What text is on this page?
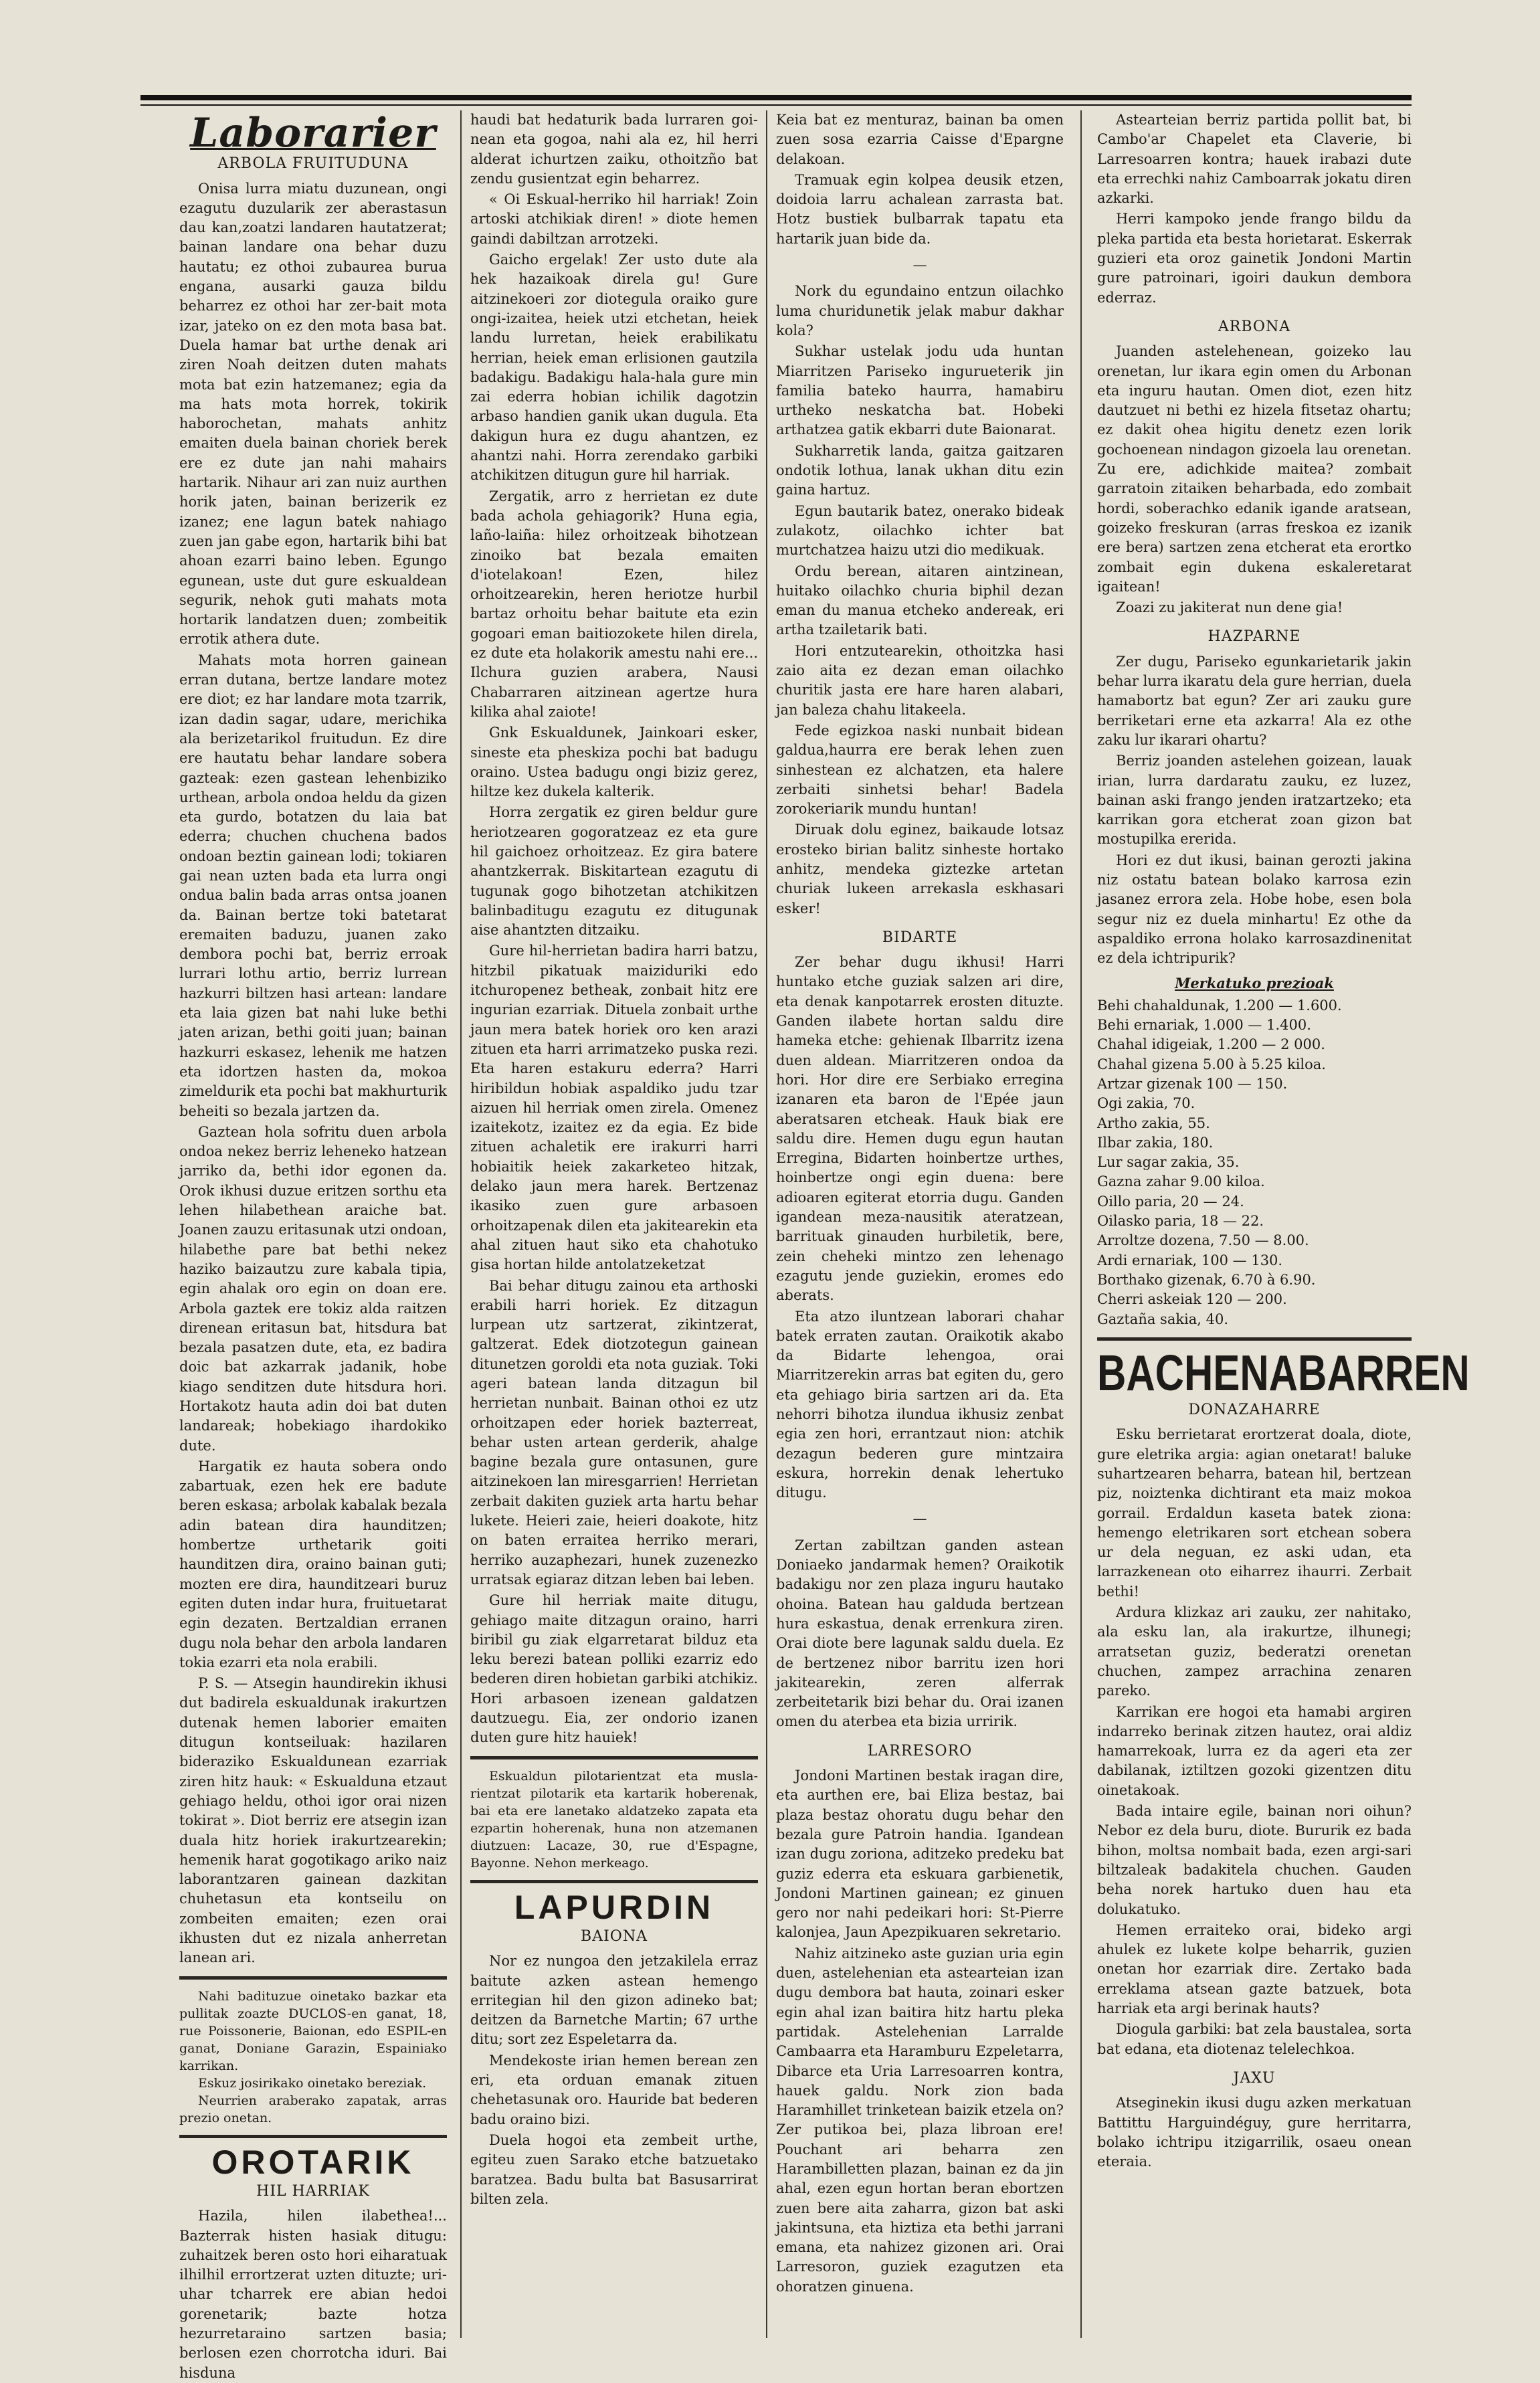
Laborarier

ARBOLA FRUITUDUNA

Onisa lurra miatu duzunean, ongi ezagutu duzularik zer aberastasun dau kan,zoatzi landaren hautatzerat; bainan landare ona behar duzu hautatu; ez othoi zubaurea burua engana, ausarki gauza bildu beharrez ez othoi har zer-bait mota izar, jateko on ez den mota basa bat. Duela hamar bat urthe denak ari ziren Noah deitzen duten mahats mota bat ezin hatzemanez; egia da ma hats mota horrek, tokirik haborochetan, mahats anhitz emaiten duela bainan choriek berek ere ez dute jan nahi mahairs hartarik. Nihaur ari zan nuiz aurthen horik jaten, bainan berizerik ez izanez; ene lagun batek nahiago zuen jan gabe egon, hartarik bihi bat ahoan ezarri baino leben. Egungo egunean, uste dut gure eskualdean segurik, nehok guti mahats mota hortarik landatzen duen; zombeitik errotik athera dute.

Mahats mota horren gainean erran dutana, bertze landare motez ere diot; ez har landare mota tzarrik, izan dadin sagar, udare, merichika ala berizetarikol fruitudun. Ez dire ere hautatu behar landare sobera gazteak: ezen gastean lehenbiziko urthean, arbola ondoa heldu da gizen eta gurdo, botatzen du laia bat ederra; chuchen chuchena bados ondoan beztin gainean lodi; tokiaren gai nean uzten bada eta lurra ongi ondua balin bada arras ontsa joanen da. Bainan bertze toki batetarat eremaiten baduzu, juanen zako dembora pochi bat, berriz erroak lurrari lothu artio, berriz lurrean hazkurri biltzen hasi artean: landare eta laia gizen bat nahi luke bethi jaten arizan, bethi goiti juan; bainan hazkurri eskasez, lehenik me hatzen eta idortzen hasten da, mokoa zimeldurik eta pochi bat makhurturik beheiti so bezala jartzen da.

Gaztean hola sofritu duen arbola ondoa nekez berriz leheneko hatzean jarriko da, bethi idor egonen da. Orok ikhusi duzue eritzen sorthu eta lehen hilabethean araiche bat. Joanen zauzu eritasunak utzi ondoan, hilabethe pare bat bethi nekez haziko baizautzu zure kabala tipia, egin ahalak oro egin on doan ere. Arbola gaztek ere tokiz alda raitzen direnean eritasun bat, hitsdura bat bezala pasatzen dute, eta, ez badira doic bat azkarrak jadanik, hobe kiago senditzen dute hitsdura hori. Hortakotz hauta adin doi bat duten landareak; hobekiago ihardokiko dute.

Hargatik ez hauta sobera ondo zabartuak, ezen hek ere badute beren eskasa; arbolak kabalak bezala adin batean dira haunditzen; hombertze urthetarik goiti haunditzen dira, oraino bainan guti; mozten ere dira, haunditzeari buruz egiten duten indar hura, fruituetarat egin dezaten. Bertzaldian erranen dugu nola behar den arbola landaren tokia ezarri eta nola erabili.

P. S. — Atsegin haundirekin ikhusi dut badirela eskualdunak irakurtzen dutenak hemen laborier emaiten ditugun kontseiluak: hazilaren bideraziko Eskualdunean ezarriak ziren hitz hauk: « Eskualduna etzaut gehiago heldu, othoi igor orai nizen tokirat ». Diot berriz ere atsegin izan duala hitz horiek irakurtzearekin; hemenik harat gogotikago ariko naiz laborantzaren gainean dazkitan chuhetasun eta kontseilu on zombeiten emaiten; ezen orai ikhusten dut ez nizala anherretan lanean ari.

Nahi badituzue oinetako bazkar eta pullitak zoazte DUCLOS-en ganat, 18, rue Poissonerie, Baionan, edo ESPIL-en ganat, Doniane Garazin, Espainiako karrikan.

Eskuz josirikako oinetako bereziak.

Neurrien araberako zapatak, arras prezio onetan.

OROTARIK

HIL HARRIAK

Hazila, hilen ilabethea!... Bazterrak histen hasiak ditugu: zuhaitzek beren osto hori eiharatuak ilhilhil errortzerat uzten dituzte; uri-uhar tcharrek ere abian hedoi gorenetarik; bazte hotza hezurretaraino sartzen basia; berlosen ezen chorrotcha iduri. Bai hisduna

haudi bat hedaturik bada lurraren goi-nean eta gogoa, nahi ala ez, hil herri alderat ichurtzen zaiku, othoitzño bat zendu gusientzat egin beharrez.

« Oi Eskual-herriko hil harriak! Zoin artoski atchikiak diren! » diote hemen gaindi dabiltzan arrotzeki.

Gaicho ergelak! Zer usto dute ala hek hazaikoak direla gu! Gure aitzinekoeri zor diotegula oraiko gure ongi-izaitea, heiek utzi etchetan, heiek landu lurretan, heiek erabilikatu herrian, heiek eman erlisionen gautzila badakigu. Badakigu hala-hala gure min zai ederra hobian ichilik dagotzin arbaso handien ganik ukan dugula. Eta dakigun hura ez dugu ahantzen, ez ahantzi nahi. Horra zerendako garbiki atchikitzen ditugun gure hil harriak.

Zergatik, arro z herrietan ez dute bada achola gehiagorik? Huna egia, laño-laiña: hilez orhoitzeak bihotzean zinoiko bat bezala emaiten d'iotelakoan! Ezen, hilez orhoitzearekin, heren heriotze hurbil bartaz orhoitu behar baitute eta ezin gogoari eman baitiozokete hilen direla, ez dute eta holakorik amestu nahi ere... Ilchura guzien arabera, Nausi Chabarraren aitzinean agertze hura kilika ahal zaiote!

Gnk Eskualdunek, Jainkoari esker, sineste eta pheskiza pochi bat badugu oraino. Ustea badugu ongi biziz gerez, hiltze kez dukela kalterik.

Horra zergatik ez giren beldur gure heriotzearen gogoratzeaz ez eta gure hil gaichoez orhoitzeaz. Ez gira batere ahantzkerrak. Biskitartean ezagutu di tugunak gogo bihotzetan atchikitzen balinbaditugu ezagutu ez ditugunak aise ahantzten ditzaiku.

Gure hil-herrietan badira harri batzu, hitzbil pikatuak maiziduriki edo itchuropenez betheak, zonbait hitz ere ingurian ezarriak. Dituela zonbait urthe jaun mera batek horiek oro ken arazi zituen eta harri arrimatzeko puska rezi. Eta haren estakuru ederra? Harri hiribildun hobiak aspaldiko judu tzar aizuen hil herriak omen zirela. Omenez izaitekotz, izaitez ez da egia. Ez bide zituen achaletik ere irakurri harri hobiaitik heiek zakarketeo hitzak, delako jaun mera harek. Bertzenaz ikasiko zuen gure arbasoen orhoitzapenak dilen eta jakitearekin eta ahal zituen haut siko eta chahotuko gisa hortan hilde antolatzeketzat

Bai behar ditugu zainou eta arthoski erabili harri horiek. Ez ditzagun lurpean utz sartzerat, zikintzerat, galtzerat. Edek diotzotegun gainean ditunetzen goroldi eta nota guziak. Toki ageri batean landa ditzagun bil herrietan nunbait. Bainan othoi ez utz orhoitzapen eder horiek bazterreat, behar usten artean gerderik, ahalge bagine bezala gure ontasunen, gure aitzinekoen lan miresgarrien! Herrietan zerbait dakiten guziek arta hartu behar lukete. Heieri zaie, heieri doakote, hitz on baten erraitea herriko merari, herriko auzaphezari, hunek zuzenezko urratsak egiaraz ditzan leben bai leben.

Gure hil herriak maite ditugu, gehiago maite ditzagun oraino, harri biribil gu ziak elgarretarat bilduz eta leku berezi batean polliki ezarriz edo bederen diren hobietan garbiki atchikiz. Hori arbasoen izenean galdatzen dautzuegu. Eia, zer ondorio izanen duten gure hitz hauiek!

Eskualdun pilotarientzat eta musla-rientzat pilotarik eta kartarik hoberenak, bai eta ere lanetako aldatzeko zapata eta ezpartin hoherenak, huna non atzemanen diutzuen: Lacaze, 30, rue d'Espagne, Bayonne. Nehon merkeago.

LAPURDIN

BAIONA

Nor ez nungoa den jetzakilela erraz baitute azken astean hemengo erritegian hil den gizon adineko bat; deitzen da Barnetche Martin; 67 urthe ditu; sort zez Espeletarra da.

Mendekoste irian hemen berean zen eri, eta orduan emanak zituen chehetasunak oro. Hauride bat bederen badu oraino bizi.

Duela hogoi eta zembeit urthe, egiteu zuen Sarako etche batzuetako baratzea. Badu bulta bat Basusarrirat bilten zela.

Keia bat ez menturaz, bainan ba omen zuen sosa ezarria Caisse d'Epargne delakoan.

Tramuak egin kolpea deusik etzen, doidoia larru achalean zarrasta bat. Hotz bustiek bulbarrak tapatu eta hartarik juan bide da.

—

Nork du egundaino entzun oilachko luma churidunetik jelak mabur dakhar kola?

Sukhar ustelak jodu uda huntan Miarritzen Pariseko ingurueterik jin familia bateko haurra, hamabiru urtheko neskatcha bat. Hobeki arthatzea gatik ekbarri dute Baionarat.

Sukharretik landa, gaitza gaitzaren ondotik lothua, lanak ukhan ditu ezin gaina hartuz.

Egun bautarik batez, onerako bideak zulakotz, oilachko ichter bat murtchatzea haizu utzi dio medikuak.

Ordu berean, aitaren aintzinean, huitako oilachko churia biphil dezan eman du manua etcheko andereak, eri artha tzailetarik bati.

Hori entzutearekin, othoitzka hasi zaio aita ez dezan eman oilachko churitik jasta ere hare haren alabari, jan baleza chahu litakeela.

Fede egizkoa naski nunbait bidean galdua,haurra ere berak lehen zuen sinhestean ez alchatzen, eta halere zerbaiti sinhetsi behar! Badela zorokeriarik mundu huntan!

Diruak dolu eginez, baikaude lotsaz erosteko birian balitz sinheste hortako anhitz, mendeka giztezke artetan churiak lukeen arrekasla eskhasari esker!

BIDARTE

Zer behar dugu ikhusi! Harri huntako etche guziak salzen ari dire, eta denak kanpotarrek erosten dituzte. Ganden ilabete hortan saldu dire hameka etche: gehienak Ilbarritz izena duen aldean. Miarritzeren ondoa da hori. Hor dire ere Serbiako erregina izanaren eta baron de l'Epée jaun aberatsaren etcheak. Hauk biak ere saldu dire. Hemen dugu egun hautan Erregina, Bidarten hoinbertze urthes, hoinbertze ongi egin duena: bere adioaren egiterat etorria dugu. Ganden igandean meza-nausitik ateratzean, barrituak ginauden hurbiletik, bere, zein cheheki mintzo zen lehenago ezagutu jende guziekin, eromes edo aberats.

Eta atzo iluntzean laborari chahar batek erraten zautan. Oraikotik akabo da Bidarte lehengoa, orai Miarritzerekin arras bat egiten du, gero eta gehiago biria sartzen ari da. Eta nehorri bihotza ilundua ikhusiz zenbat egia zen hori, errantzaut nion: atchik dezagun bederen gure mintzaira eskura, horrekin denak lehertuko ditugu.

—

Zertan zabiltzan ganden astean Doniaeko jandarmak hemen? Oraikotik badakigu nor zen plaza inguru hautako ohoina. Batean hau galduda bertzean hura eskastua, denak errenkura ziren. Orai diote bere lagunak saldu duela. Ez de bertzenez nibor barritu izen hori jakitearekin, zeren alferrak zerbeitetarik bizi behar du. Orai izanen omen du aterbea eta bizia urririk.

LARRESORO

Jondoni Martinen bestak iragan dire, eta aurthen ere, bai Eliza bestaz, bai plaza bestaz ohoratu dugu behar den bezala gure Patroin handia. Igandean izan dugu zoriona, aditzeko predeku bat guziz ederra eta eskuara garbienetik, Jondoni Martinen gainean; ez ginuen gero nor nahi pedeikari hori: St-Pierre kalonjea, Jaun Apezpikuaren sekretario.

Nahiz aitzineko aste guzian uria egin duen, astelehenian eta astearteian izan dugu dembora bat hauta, zoinari esker egin ahal izan baitira hitz hartu pleka partidak. Astelehenian Larralde Cambaarra eta Haramburu Ezpeletarra, Dibarce eta Uria Larresoarren kontra, hauek galdu. Nork zion bada Haramhillet trinketean baizik etzela on? Zer putikoa bei, plaza libroan ere! Pouchant ari beharra zen Harambilletten plazan, bainan ez da jin ahal, ezen egun hortan beran ebortzen zuen bere aita zaharra, gizon bat aski jakintsuna, eta hiztiza eta bethi jarrani emana, eta nahizez gizonen ari. Orai Larresoron, guziek ezagutzen eta ohoratzen ginuena.

Astearteian berriz partida pollit bat, bi Cambo'ar Chapelet eta Claverie, bi Larresoarren kontra; hauek irabazi dute eta errechki nahiz Camboarrak jokatu diren azkarki.

Herri kampoko jende frango bildu da pleka partida eta besta horietarat. Eskerrak guzieri eta oroz gainetik Jondoni Martin gure patroinari, igoiri daukun dembora ederraz.

ARBONA

Juanden astelehenean, goizeko lau orenetan, lur ikara egin omen du Arbonan eta inguru hautan. Omen diot, ezen hitz dautzuet ni bethi ez hizela fitsetaz ohartu; ez dakit ohea higitu denetz ezen lorik gochoenean nindagon gizoela lau orenetan. Zu ere, adichkide maitea? zombait garratoin zitaiken beharbada, edo zombait hordi, soberachko edanik igande aratsean, goizeko freskuran (arras freskoa ez izanik ere bera) sartzen zena etcherat eta erortko zombait egin dukena eskaleretarat igaitean!

Zoazi zu jakiterat nun dene gia!

HAZPARNE

Zer dugu, Pariseko egunkarietarik jakin behar lurra ikaratu dela gure herrian, duela hamabortz bat egun? Zer ari zauku gure berriketari erne eta azkarra! Ala ez othe zaku lur ikarari ohartu?

Berriz joanden astelehen goizean, lauak irian, lurra dardaratu zauku, ez luzez, bainan aski frango jenden iratzartzeko; eta karrikan gora etcherat zoan gizon bat mostupilka ererida.

Hori ez dut ikusi, bainan gerozti jakina niz ostatu batean bolako karrosa ezin jasanez errora zela. Hobe hobe, esen bola segur niz ez duela minhartu! Ez othe da aspaldiko errona holako karrosazdinenitat ez dela ichtripurik?

Merkatuko prezioak

Behi chahaldunak, 1.200 — 1.600.

Behi ernariak, 1.000 — 1.400.

Chahal idigeiak, 1.200 — 2 000.

Chahal gizena 5.00 à 5.25 kiloa.

Artzar gizenak 100 — 150.

Ogi zakia, 70.

Artho zakia, 55.

Ilbar zakia, 180.

Lur sagar zakia, 35.

Gazna zahar 9.00 kiloa.

Oillo paria, 20 — 24.

Oilasko paria, 18 — 22.

Arroltze dozena, 7.50 — 8.00.

Ardi ernariak, 100 — 130.

Borthako gizenak, 6.70 à 6.90.

Cherri askeiak 120 — 200.

Gaztaña sakia, 40.

BACHENABARREN

DONAZAHARRE

Esku berrietarat erortzerat doala, diote, gure eletrika argia: agian onetarat! baluke suhartzearen beharra, batean hil, bertzean piz, noiztenka dichtirant eta maiz mokoa gorrail. Erdaldun kaseta batek ziona: hemengo eletrikaren sort etchean sobera ur dela neguan, ez aski udan, eta larrazkenean oto eiharrez ihaurri. Zerbait bethi!

Ardura klizkaz ari zauku, zer nahitako, ala esku lan, ala irakurtze, ilhunegi; arratsetan guziz, bederatzi orenetan chuchen, zampez arrachina zenaren pareko.

Karrikan ere hogoi eta hamabi argiren indarreko berinak zitzen hautez, orai aldiz hamarrekoak, lurra ez da ageri eta zer dabilanak, iztiltzen gozoki gizentzen ditu oinetakoak.

Bada intaire egile, bainan nori oihun? Nebor ez dela buru, diote. Bururik ez bada bihon, moltsa nombait bada, ezen argi-sari biltzaleak badakitela chuchen. Gauden beha norek hartuko duen hau eta dolukatuko.

Hemen erraiteko orai, bideko argi ahulek ez lukete kolpe beharrik, guzien onetan hor ezarriak dire. Zertako bada erreklama atsean gazte batzuek, bota harriak eta argi berinak hauts?

Diogula garbiki: bat zela baustalea, sorta bat edana, eta diotenaz telelechkoa.

JAXU

Atseginekin ikusi dugu azken merkatuan Battittu Harguindéguy, gure herritarra, bolako ichtripu itzigarrilik, osaeu onean eteraia.
